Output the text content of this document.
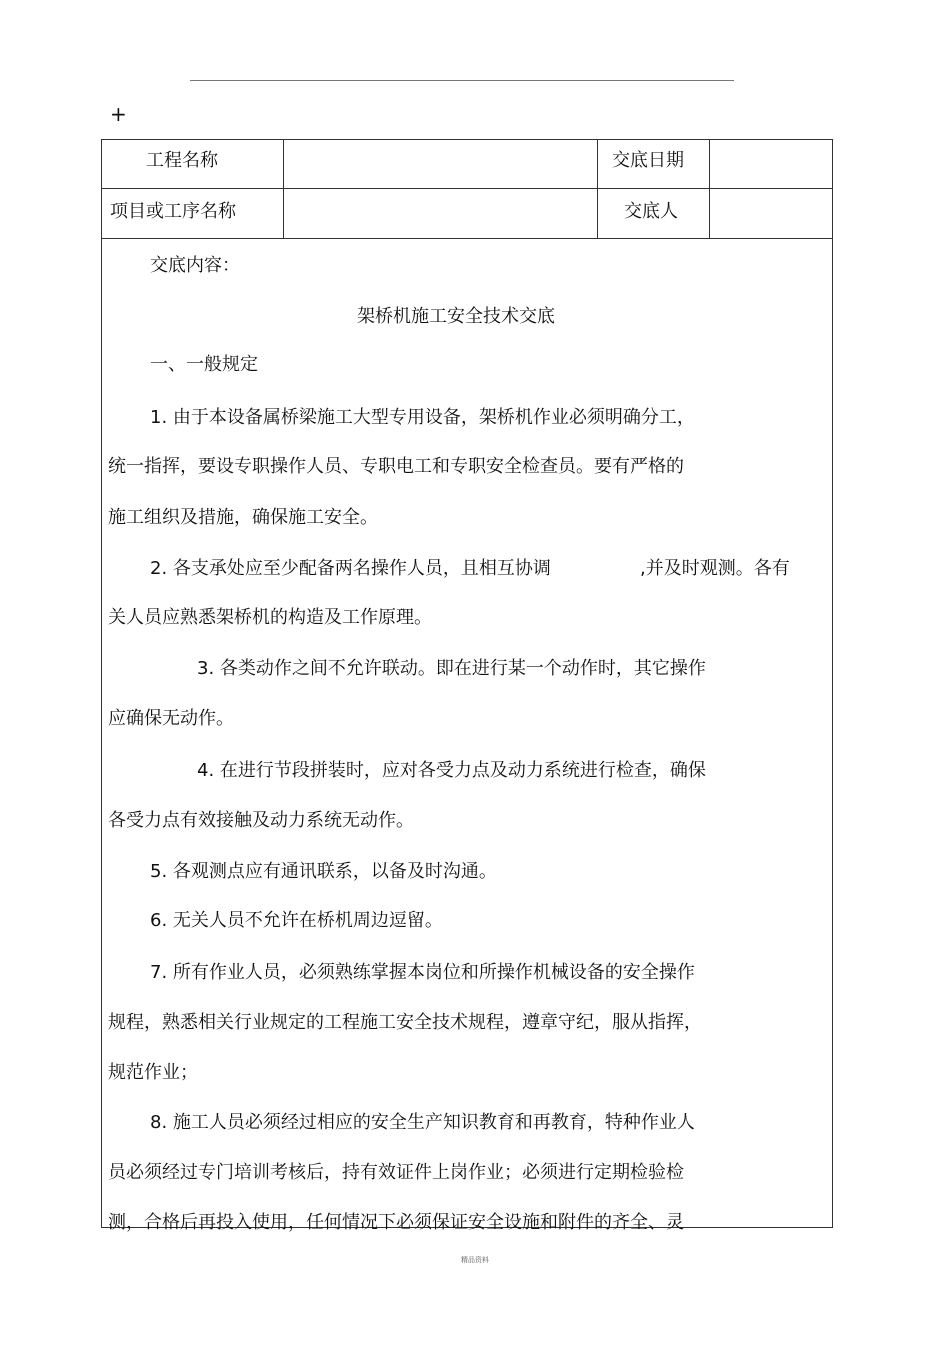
+
工程名称	交底日期
项目或工序名称	交底人
交底内容：
架桥机施工安全技术交底
一、一般规定
1. 由于本设备属桥梁施工大型专用设备，架桥机作业必须明确分工，
统一指挥，要设专职操作人员、专职电工和专职安全检查员。要有严格的
施工组织及措施，确保施工安全。
2. 各支承处应至少配备两名操作人员，且相互协调	,并及时观测。各有
关人员应熟悉架桥机的构造及工作原理。
3. 各类动作之间不允许联动。即在进行某一个动作时，其它操作
应确保无动作。
4. 在进行节段拼装时，应对各受力点及动力系统进行检查，确保
各受力点有效接触及动力系统无动作。
5. 各观测点应有通讯联系，以备及时沟通。
6. 无关人员不允许在桥机周边逗留。
7. 所有作业人员，必须熟练掌握本岗位和所操作机械设备的安全操作
规程，熟悉相关行业规定的工程施工安全技术规程，遵章守纪，服从指挥，
规范作业；
8. 施工人员必须经过相应的安全生产知识教育和再教育，特种作业人
员必须经过专门培训考核后，持有效证件上岗作业；必须进行定期检验检
测，合格后再投入使用，任何情况下必须保证安全设施和附件的齐全、灵
精品资料
